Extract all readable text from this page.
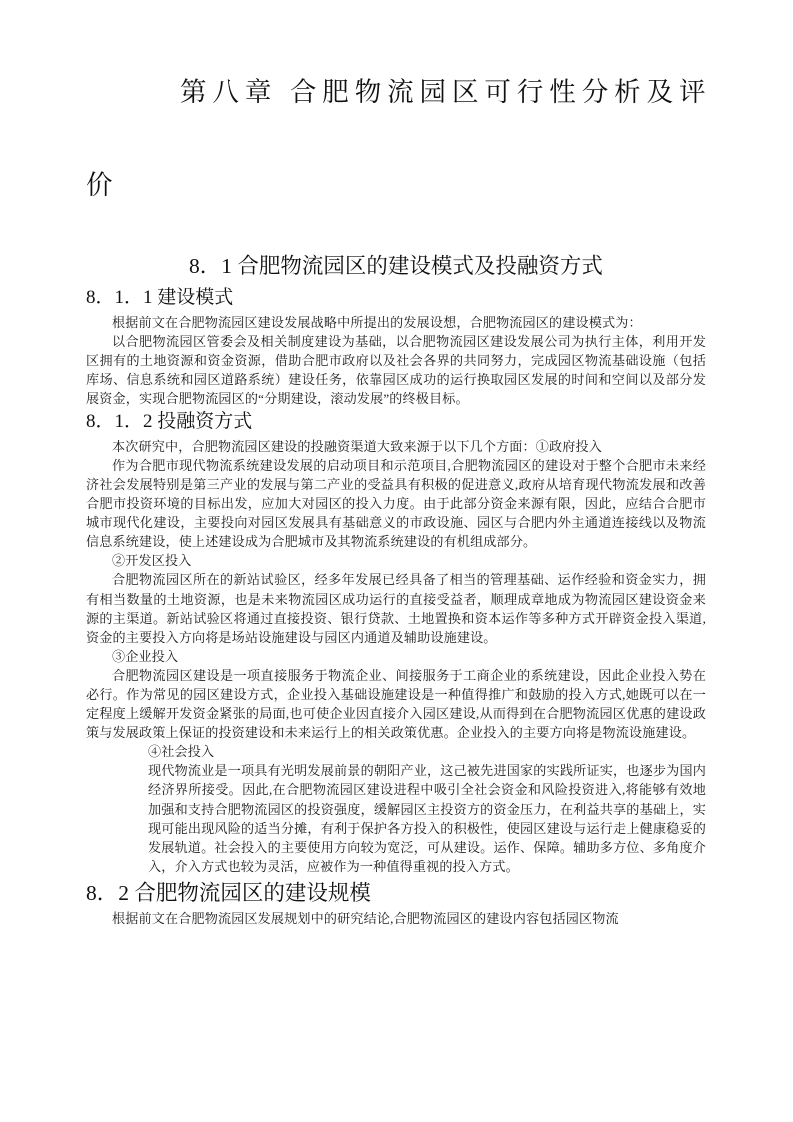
第八章 合肥物流园区可行性分析及评
价
8．1 合肥物流园区的建设模式及投融资方式
8．1．1 建设模式

根据前文在合肥物流园区建设发展战略中所提出的发展设想，合肥物流园区的建设模式为：

以合肥物流园区管委会及相关制度建设为基础，以合肥物流园区建设发展公司为执行主体，利用开发区拥有的土地资源和资金资源，借助合肥市政府以及社会各界的共同努力，完成园区物流基础设施（包括库场、信息系统和园区道路系统）建设任务，依靠园区成功的运行换取园区发展的时间和空间以及部分发展资金，实现合肥物流园区的“分期建设，滚动发展”的终极目标。

8．1．2 投融资方式

本次研究中，合肥物流园区建设的投融资渠道大致来源于以下几个方面：①政府投入

作为合肥市现代物流系统建设发展的启动项目和示范项目,合肥物流园区的建设对于整个合肥市未来经济社会发展特别是第三产业的发展与第二产业的受益具有积极的促进意义,政府从培育现代物流发展和改善合肥市投资环境的目标出发，应加大对园区的投入力度。由于此部分资金来源有限，因此，应结合合肥市城市现代化建设，主要投向对园区发展具有基础意义的市政设施、园区与合肥内外主通道连接线以及物流信息系统建设，使上述建设成为合肥城市及其物流系统建设的有机组成部分。

②开发区投入

合肥物流园区所在的新站试验区，经多年发展已经具备了相当的管理基础、运作经验和资金实力，拥有相当数量的土地资源，也是未来物流园区成功运行的直接受益者，顺理成章地成为物流园区建设资金来源的主渠道。新站试验区将通过直接投资、银行贷款、土地置换和资本运作等多种方式开辟资金投入渠道,资金的主要投入方向将是场站设施建设与园区内通道及辅助设施建设。

③企业投入

合肥物流园区建设是一项直接服务于物流企业、间接服务于工商企业的系统建设，因此企业投入势在必行。作为常见的园区建设方式，企业投入基础设施建设是一种值得推广和鼓励的投入方式,她既可以在一定程度上缓解开发资金紧张的局面,也可使企业因直接介入园区建设,从而得到在合肥物流园区优惠的建设政策与发展政策上保证的投资建设和未来运行上的相关政策优惠。企业投入的主要方向将是物流设施建设。

④社会投入

现代物流业是一项具有光明发展前景的朝阳产业，这己被先进国家的实践所证实，也逐步为国内经济界所接受。因此,在合肥物流园区建设进程中吸引全社会资金和风险投资进入,将能够有效地加强和支持合肥物流园区的投资强度，缓解园区主投资方的资金压力，在利益共享的基础上，实现可能出现风险的适当分摊，有利于保护各方投入的积极性，使园区建设与运行走上健康稳妥的发展轨道。社会投入的主要使用方向较为宽泛，可从建设。运作、保障。辅助多方位、多角度介入，介入方式也较为灵活，应被作为一种值得重视的投入方式。

8．2 合肥物流园区的建设规模

根据前文在合肥物流园区发展规划中的研究结论,合肥物流园区的建设内容包括园区物流
